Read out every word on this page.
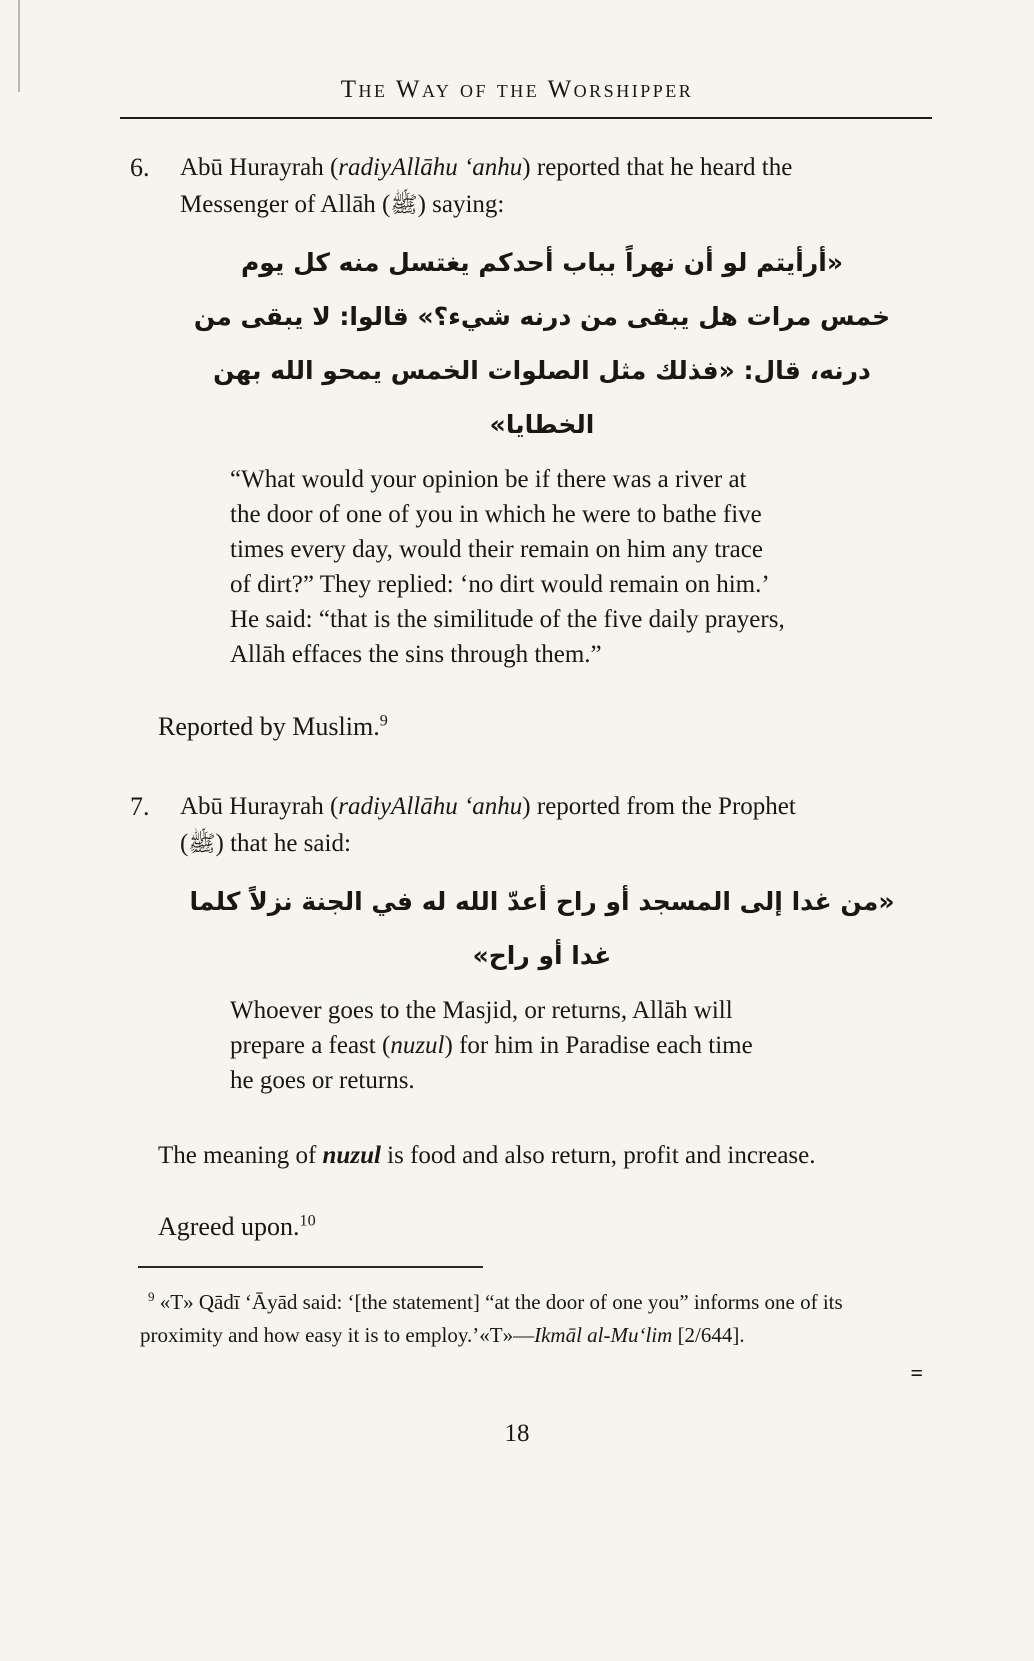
The Way of the Worshipper
6.	Abū Hurayrah (radiyAllāhu ‘anhu) reported that he heard the
Messenger of Allāh (ﷺ) saying:
«أرأيتم لو أن نهراً بباب أحدكم يغتسل منه كل يوم
خمس مرات هل يبقى من درنه شيء؟» قالوا: لا يبقى من
درنه، قال: «فذلك مثل الصلوات الخمس يمحو الله بهن
الخطايا»
“What would your opinion be if there was a river at
the door of one of you in which he were to bathe five
times every day, would their remain on him any trace
of dirt?” They replied: ‘no dirt would remain on him.’
He said: “that is the similitude of the five daily prayers,
Allāh effaces the sins through them.”
Reported by Muslim.$^9$
7.	Abū Hurayrah (radiyAllāhu ‘anhu) reported from the Prophet
(ﷺ) that he said:
«من غدا إلى المسجد أو راح أعدّ الله له في الجنة نزلاً كلما
غدا أو راح»
Whoever goes to the Masjid, or returns, Allāh will
prepare a feast (nuzul) for him in Paradise each time
he goes or returns.
The meaning of nuzul is food and also return, profit and increase.
Agreed upon.$^{10}$
$^9$ «T» Qādī ‘Āyād said: ‘[the statement] “at the door of one you” informs one of its
proximity and how easy it is to employ.’«T»—Ikmāl al-Mu‘lim [2/644].
=
18
